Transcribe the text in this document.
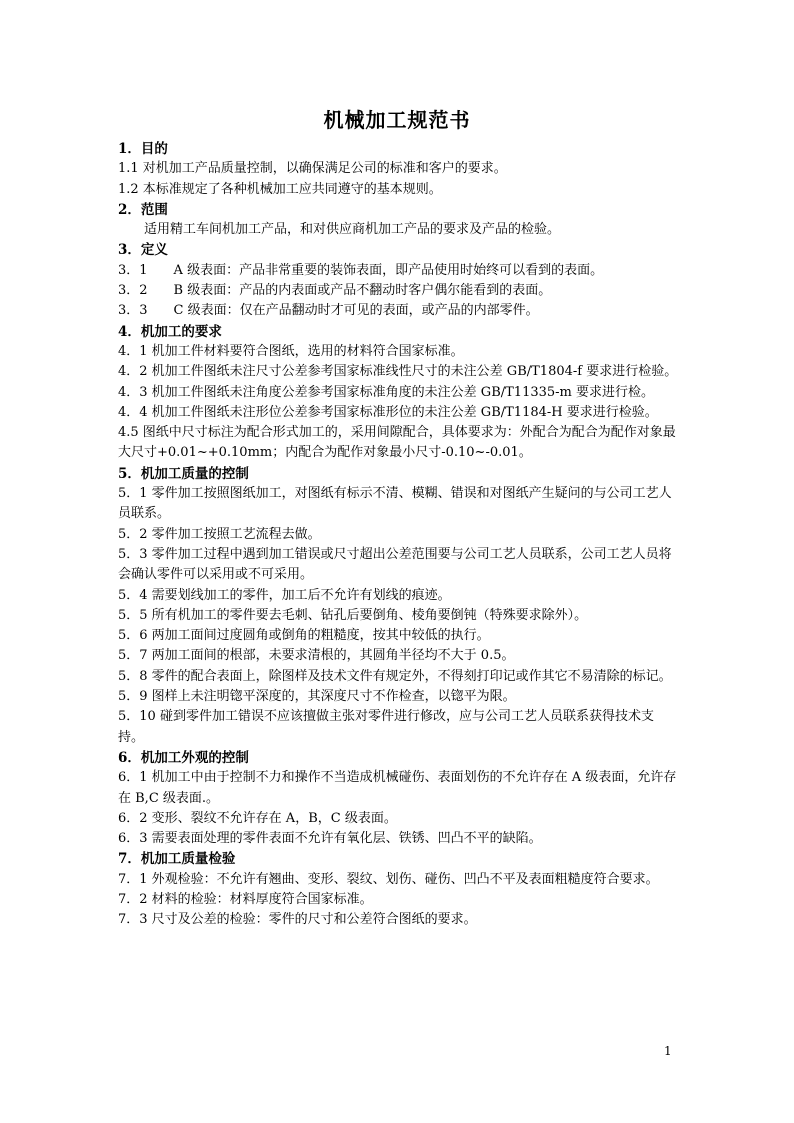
机械加工规范书

1．目的

1.1 对机加工产品质量控制，以确保满足公司的标准和客户的要求。

1.2 本标准规定了各种机械加工应共同遵守的基本规则。

2．范围

适用精工车间机加工产品，和对供应商机加工产品的要求及产品的检验。

3．定义

3．1　　A 级表面：产品非常重要的装饰表面，即产品使用时始终可以看到的表面。

3．2　　B 级表面：产品的内表面或产品不翻动时客户偶尔能看到的表面。

3．3　　C 级表面：仅在产品翻动时才可见的表面，或产品的内部零件。

4．机加工的要求

4．1 机加工件材料要符合图纸，选用的材料符合国家标准。

4．2 机加工件图纸未注尺寸公差参考国家标准线性尺寸的未注公差 GB/T1804-f 要求进行检验。

4．3 机加工件图纸未注角度公差参考国家标准角度的未注公差 GB/T11335-m 要求进行检。

4．4 机加工件图纸未注形位公差参考国家标准形位的未注公差 GB/T1184-H 要求进行检验。

4.5 图纸中尺寸标注为配合形式加工的，采用间隙配合，具体要求为：外配合为配合为配作对象最大尺寸+0.01~+0.10mm；内配合为配作对象最小尺寸-0.10~-0.01。

5．机加工质量的控制

5．1 零件加工按照图纸加工，对图纸有标示不清、模糊、错误和对图纸产生疑问的与公司工艺人员联系。

5．2 零件加工按照工艺流程去做。

5．3 零件加工过程中遇到加工错误或尺寸超出公差范围要与公司工艺人员联系，公司工艺人员将会确认零件可以采用或不可采用。

5．4 需要划线加工的零件，加工后不允许有划线的痕迹。

5．5 所有机加工的零件要去毛刺、钻孔后要倒角、棱角要倒钝（特殊要求除外）。

5．6 两加工面间过度圆角或倒角的粗糙度，按其中较低的执行。

5．7 两加工面间的根部，未要求清根的，其圆角半径均不大于 0.5。

5．8 零件的配合表面上，除图样及技术文件有规定外，不得刻打印记或作其它不易清除的标记。

5．9 图样上未注明锪平深度的，其深度尺寸不作检查，以锪平为限。

5．10 碰到零件加工错误不应该擅做主张对零件进行修改，应与公司工艺人员联系获得技术支持。

6．机加工外观的控制

6．1 机加工中由于控制不力和操作不当造成机械碰伤、表面划伤的不允许存在 A 级表面，允许存在 B,C 级表面.。

6．2 变形、裂纹不允许存在 A，B，C 级表面。

6．3 需要表面处理的零件表面不允许有氧化层、铁锈、凹凸不平的缺陷。

7．机加工质量检验

7．1 外观检验：不允许有翘曲、变形、裂纹、划伤、碰伤、凹凸不平及表面粗糙度符合要求。

7．2 材料的检验：材料厚度符合国家标准。

7．3 尺寸及公差的检验：零件的尺寸和公差符合图纸的要求。

1
